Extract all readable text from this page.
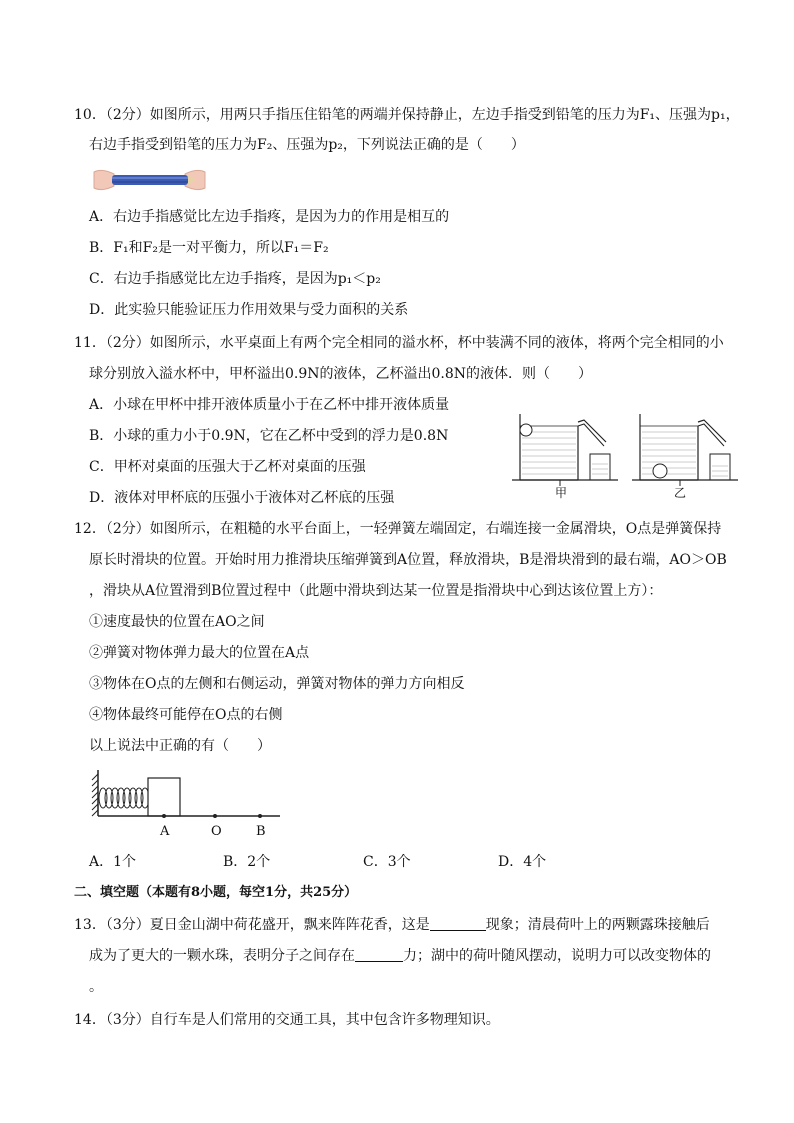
10．（2分）如图所示，用两只手指压住铅笔的两端并保持静止，左边手指受到铅笔的压力为F₁、压强为p₁，
右边手指受到铅笔的压力为F₂、压强为p₂，下列说法正确的是（　　）
A．右边手指感觉比左边手指疼，是因为力的作用是相互的
B．F₁和F₂是一对平衡力，所以F₁＝F₂
C．右边手指感觉比左边手指疼，是因为p₁＜p₂
D．此实验只能验证压力作用效果与受力面积的关系
11．（2分）如图所示，水平桌面上有两个完全相同的溢水杯，杯中装满不同的液体，将两个完全相同的小
球分别放入溢水杯中，甲杯溢出0.9N的液体，乙杯溢出0.8N的液体．则（　　）
A．小球在甲杯中排开液体质量小于在乙杯中排开液体质量
B．小球的重力小于0.9N，它在乙杯中受到的浮力是0.8N
C．甲杯对桌面的压强大于乙杯对桌面的压强
D．液体对甲杯底的压强小于液体对乙杯底的压强	甲	乙
12．（2分）如图所示，在粗糙的水平台面上，一轻弹簧左端固定，右端连接一金属滑块，O点是弹簧保持
原长时滑块的位置。开始时用力推滑块压缩弹簧到A位置，释放滑块，B是滑块滑到的最右端，AO＞OB
，滑块从A位置滑到B位置过程中（此题中滑块到达某一位置是指滑块中心到达该位置上方）：
①速度最快的位置在AO之间
②弹簧对物体弹力最大的位置在A点
③物体在O点的左侧和右侧运动，弹簧对物体的弹力方向相反
④物体最终可能停在O点的右侧
以上说法中正确的有（　　）
A	O	B
A．1个	B．2个	C．3个	D．4个
二、填空题（本题有8小题，每空1分，共25分）
13．（3分）夏日金山湖中荷花盛开，飘来阵阵花香，这是	现象；清晨荷叶上的两颗露珠接触后
成为了更大的一颗水珠，表明分子之间存在	力；湖中的荷叶随风摆动，说明力可以改变物体的
。
14．（3分）自行车是人们常用的交通工具，其中包含许多物理知识。
